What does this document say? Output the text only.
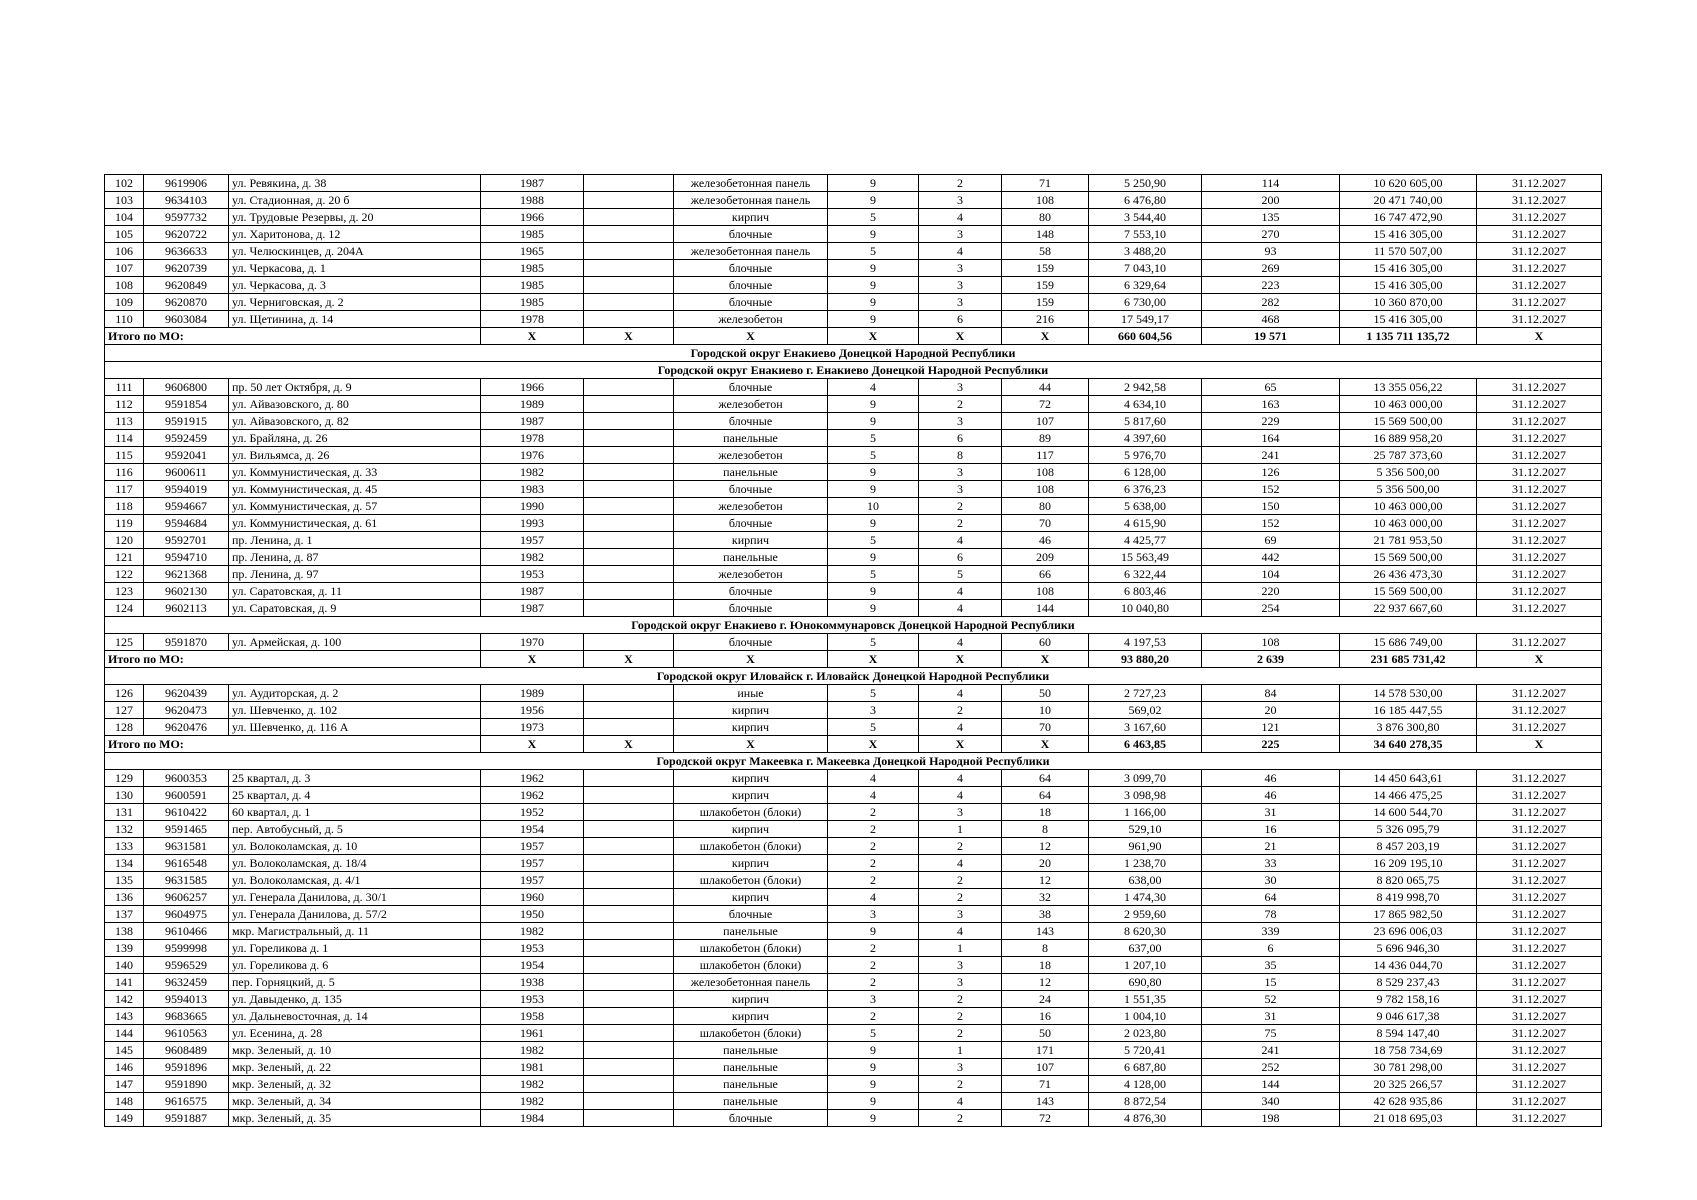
102	9619906	ул. Ревякина, д. 38	1987		железобетонная панель	9	2	71	5 250,90	114	10 620 605,00	31.12.2027
103	9634103	ул. Стадионная, д. 20 б	1988		железобетонная панель	9	3	108	6 476,80	200	20 471 740,00	31.12.2027
104	9597732	ул. Трудовые Резервы, д. 20	1966		кирпич	5	4	80	3 544,40	135	16 747 472,90	31.12.2027
105	9620722	ул. Харитонова, д. 12	1985		блочные	9	3	148	7 553,10	270	15 416 305,00	31.12.2027
106	9636633	ул. Челюскинцев, д. 204А	1965		железобетонная панель	5	4	58	3 488,20	93	11 570 507,00	31.12.2027
107	9620739	ул. Черкасова, д. 1	1985		блочные	9	3	159	7 043,10	269	15 416 305,00	31.12.2027
108	9620849	ул. Черкасова, д. 3	1985		блочные	9	3	159	6 329,64	223	15 416 305,00	31.12.2027
109	9620870	ул. Черниговская, д. 2	1985		блочные	9	3	159	6 730,00	282	10 360 870,00	31.12.2027
110	9603084	ул. Щетинина, д. 14	1978		железобетон	9	6	216	17 549,17	468	15 416 305,00	31.12.2027
Итого по МО:			X	X	X	X	X	X	660 604,56	19 571	1 135 711 135,72	X
Городской округ Енакиево Донецкой Народной Республики												
Городской округ Енакиево г. Енакиево Донецкой Народной Республики												
111	9606800	пр. 50 лет Октября, д. 9	1966		блочные	4	3	44	2 942,58	65	13 355 056,22	31.12.2027
112	9591854	ул. Айвазовского, д. 80	1989		железобетон	9	2	72	4 634,10	163	10 463 000,00	31.12.2027
113	9591915	ул. Айвазовского, д. 82	1987		блочные	9	3	107	5 817,60	229	15 569 500,00	31.12.2027
114	9592459	ул. Брайляна, д. 26	1978		панельные	5	6	89	4 397,60	164	16 889 958,20	31.12.2027
115	9592041	ул. Вильямса, д. 26	1976		железобетон	5	8	117	5 976,70	241	25 787 373,60	31.12.2027
116	9600611	ул. Коммунистическая, д. 33	1982		панельные	9	3	108	6 128,00	126	5 356 500,00	31.12.2027
117	9594019	ул. Коммунистическая, д. 45	1983		блочные	9	3	108	6 376,23	152	5 356 500,00	31.12.2027
118	9594667	ул. Коммунистическая, д. 57	1990		железобетон	10	2	80	5 638,00	150	10 463 000,00	31.12.2027
119	9594684	ул. Коммунистическая, д. 61	1993		блочные	9	2	70	4 615,90	152	10 463 000,00	31.12.2027
120	9592701	пр. Ленина, д. 1	1957		кирпич	5	4	46	4 425,77	69	21 781 953,50	31.12.2027
121	9594710	пр. Ленина, д. 87	1982		панельные	9	6	209	15 563,49	442	15 569 500,00	31.12.2027
122	9621368	пр. Ленина, д. 97	1953		железобетон	5	5	66	6 322,44	104	26 436 473,30	31.12.2027
123	9602130	ул. Саратовская, д. 11	1987		блочные	9	4	108	6 803,46	220	15 569 500,00	31.12.2027
124	9602113	ул. Саратовская, д. 9	1987		блочные	9	4	144	10 040,80	254	22 937 667,60	31.12.2027
Городской округ Енакиево г. Юнокоммунаровск Донецкой Народной Республики												
125	9591870	ул. Армейская, д. 100	1970		блочные	5	4	60	4 197,53	108	15 686 749,00	31.12.2027
Итого по МО:			X	X	X	X	X	X	93 880,20	2 639	231 685 731,42	X
Городской округ Иловайск г. Иловайск Донецкой Народной Республики												
126	9620439	ул. Аудиторская, д. 2	1989		иные	5	4	50	2 727,23	84	14 578 530,00	31.12.2027
127	9620473	ул. Шевченко, д. 102	1956		кирпич	3	2	10	569,02	20	16 185 447,55	31.12.2027
128	9620476	ул. Шевченко, д. 116 А	1973		кирпич	5	4	70	3 167,60	121	3 876 300,80	31.12.2027
Итого по МО:			X	X	X	X	X	X	6 463,85	225	34 640 278,35	X
Городской округ Макеевка г. Макеевка Донецкой Народной Республики												
129	9600353	25 квартал, д. 3	1962		кирпич	4	4	64	3 099,70	46	14 450 643,61	31.12.2027
130	9600591	25 квартал, д. 4	1962		кирпич	4	4	64	3 098,98	46	14 466 475,25	31.12.2027
131	9610422	60 квартал, д. 1	1952		шлакобетон (блоки)	2	3	18	1 166,00	31	14 600 544,70	31.12.2027
132	9591465	пер. Автобусный, д. 5	1954		кирпич	2	1	8	529,10	16	5 326 095,79	31.12.2027
133	9631581	ул. Волоколамская, д. 10	1957		шлакобетон (блоки)	2	2	12	961,90	21	8 457 203,19	31.12.2027
134	9616548	ул. Волоколамская, д. 18/4	1957		кирпич	2	4	20	1 238,70	33	16 209 195,10	31.12.2027
135	9631585	ул. Волоколамская, д. 4/1	1957		шлакобетон (блоки)	2	2	12	638,00	30	8 820 065,75	31.12.2027
136	9606257	ул. Генерала Данилова, д. 30/1	1960		кирпич	4	2	32	1 474,30	64	8 419 998,70	31.12.2027
137	9604975	ул. Генерала Данилова, д. 57/2	1950		блочные	3	3	38	2 959,60	78	17 865 982,50	31.12.2027
138	9610466	мкр. Магистральный, д. 11	1982		панельные	9	4	143	8 620,30	339	23 696 006,03	31.12.2027
139	9599998	ул. Гореликова д. 1	1953		шлакобетон (блоки)	2	1	8	637,00	6	5 696 946,30	31.12.2027
140	9596529	ул. Гореликова д. 6	1954		шлакобетон (блоки)	2	3	18	1 207,10	35	14 436 044,70	31.12.2027
141	9632459	пер. Горняцкий, д. 5	1938		железобетонная панель	2	3	12	690,80	15	8 529 237,43	31.12.2027
142	9594013	ул. Давыденко, д. 135	1953		кирпич	3	2	24	1 551,35	52	9 782 158,16	31.12.2027
143	9683665	ул. Дальневосточная, д. 14	1958		кирпич	2	2	16	1 004,10	31	9 046 617,38	31.12.2027
144	9610563	ул. Есенина, д. 28	1961		шлакобетон (блоки)	5	2	50	2 023,80	75	8 594 147,40	31.12.2027
145	9608489	мкр. Зеленый, д. 10	1982		панельные	9	1	171	5 720,41	241	18 758 734,69	31.12.2027
146	9591896	мкр. Зеленый, д. 22	1981		панельные	9	3	107	6 687,80	252	30 781 298,00	31.12.2027
147	9591890	мкр. Зеленый, д. 32	1982		панельные	9	2	71	4 128,00	144	20 325 266,57	31.12.2027
148	9616575	мкр. Зеленый, д. 34	1982		панельные	9	4	143	8 872,54	340	42 628 935,86	31.12.2027
149	9591887	мкр. Зеленый, д. 35	1984		блочные	9	2	72	4 876,30	198	21 018 695,03	31.12.2027
